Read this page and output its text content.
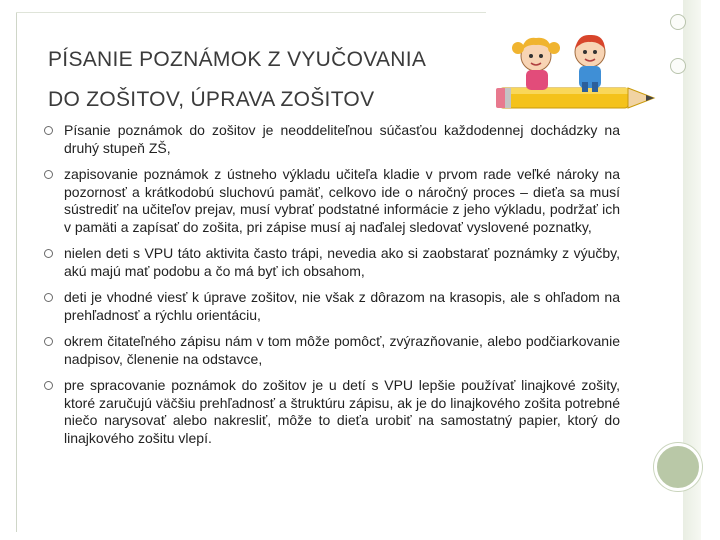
PÍSANIE POZNÁMOK Z VYUČOVANIA
DO ZOŠITOV, ÚPRAVA ZOŠITOV
Písanie poznámok do zošitov je neoddeliteľnou súčasťou každodennej dochádzky na druhý stupeň ZŠ,
zapisovanie poznámok z ústneho výkladu učiteľa kladie v prvom rade veľké nároky na pozornosť a krátkodobú sluchovú pamäť, celkovo ide o náročný proces – dieťa sa musí sústrediť na učiteľov prejav, musí vybrať podstatné informácie z jeho výkladu, podržať ich v pamäti a zapísať do zošita, pri zápise musí aj naďalej sledovať vyslovené poznatky,
nielen deti s VPU táto aktivita často trápi, nevedia ako si zaobstarať poznámky z výučby, akú majú mať podobu a čo má byť ich obsahom,
deti je vhodné viesť k úprave zošitov, nie však z dôrazom na krasopis, ale s ohľadom na prehľadnosť a rýchlu orientáciu,
okrem čitateľného zápisu nám v tom môže pomôcť, zvýrazňovanie, alebo podčiarkovanie nadpisov, členenie na odstavce,
pre spracovanie poznámok do zošitov je u detí s VPU lepšie používať linajkové zošity, ktoré zaručujú väčšiu prehľadnosť a štruktúru zápisu, ak je do linajkového zošita potrebné niečo narysovať alebo nakresliť, môže to dieťa urobiť na samostatný papier, ktorý do linajkového zošitu vlepí.
